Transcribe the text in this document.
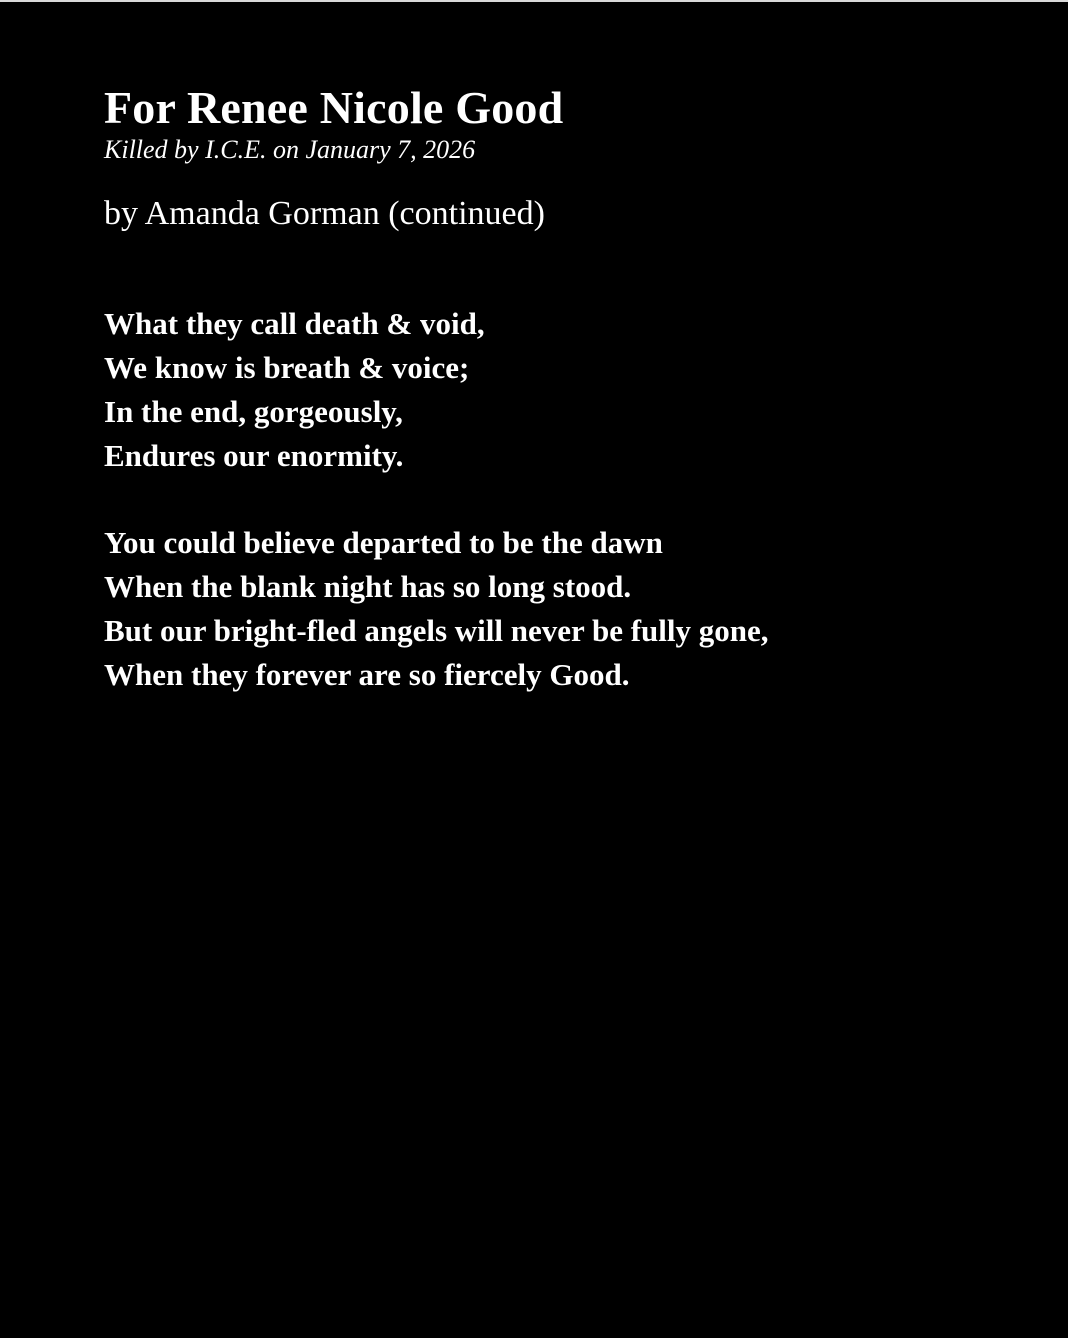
For Renee Nicole Good

Killed by I.C.E. on January 7, 2026

by Amanda Gorman (continued)

What they call death & void,
We know is breath & voice;
In the end, gorgeously,
Endures our enormity.

You could believe departed to be the dawn
When the blank night has so long stood.
But our bright-fled angels will never be fully gone,
When they forever are so fiercely Good.
